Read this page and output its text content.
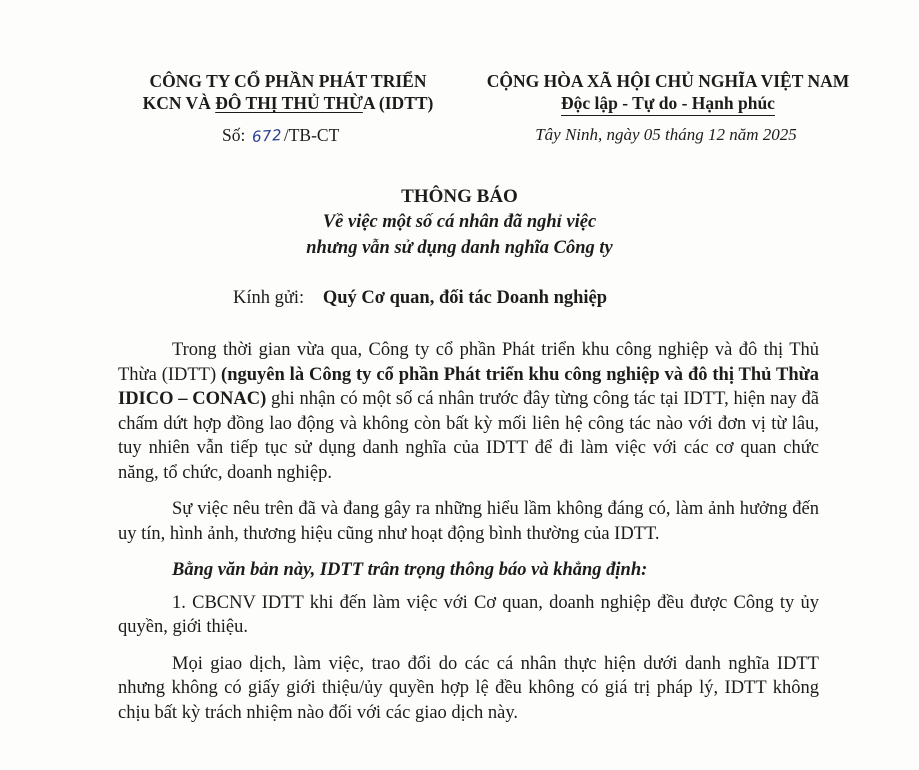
CÔNG TY CỔ PHẦN PHÁT TRIỂN
KCN VÀ ĐÔ THỊ THỦ THỪA (IDTT)
CỘNG HÒA XÃ HỘI CHỦ NGHĨA VIỆT NAM
Độc lập - Tự do - Hạnh phúc
Số: 672/TB-CT	Tây Ninh, ngày 05 tháng 12 năm 2025
THÔNG BÁO
Về việc một số cá nhân đã nghỉ việc
nhưng vẫn sử dụng danh nghĩa Công ty
Kính gửi: Quý Cơ quan, đối tác Doanh nghiệp

Trong thời gian vừa qua, Công ty cổ phần Phát triển khu công nghiệp và đô thị Thủ Thừa (IDTT) (nguyên là Công ty cổ phần Phát triển khu công nghiệp và đô thị Thủ Thừa IDICO – CONAC) ghi nhận có một số cá nhân trước đây từng công tác tại IDTT, hiện nay đã chấm dứt hợp đồng lao động và không còn bất kỳ mối liên hệ công tác nào với đơn vị từ lâu, tuy nhiên vẫn tiếp tục sử dụng danh nghĩa của IDTT để đi làm việc với các cơ quan chức năng, tổ chức, doanh nghiệp.

Sự việc nêu trên đã và đang gây ra những hiểu lầm không đáng có, làm ảnh hưởng đến uy tín, hình ảnh, thương hiệu cũng như hoạt động bình thường của IDTT.

Bằng văn bản này, IDTT trân trọng thông báo và khẳng định:

1. CBCNV IDTT khi đến làm việc với Cơ quan, doanh nghiệp đều được Công ty ủy quyền, giới thiệu.

Mọi giao dịch, làm việc, trao đổi do các cá nhân thực hiện dưới danh nghĩa IDTT nhưng không có giấy giới thiệu/ủy quyền hợp lệ đều không có giá trị pháp lý, IDTT không chịu bất kỳ trách nhiệm nào đối với các giao dịch này.
